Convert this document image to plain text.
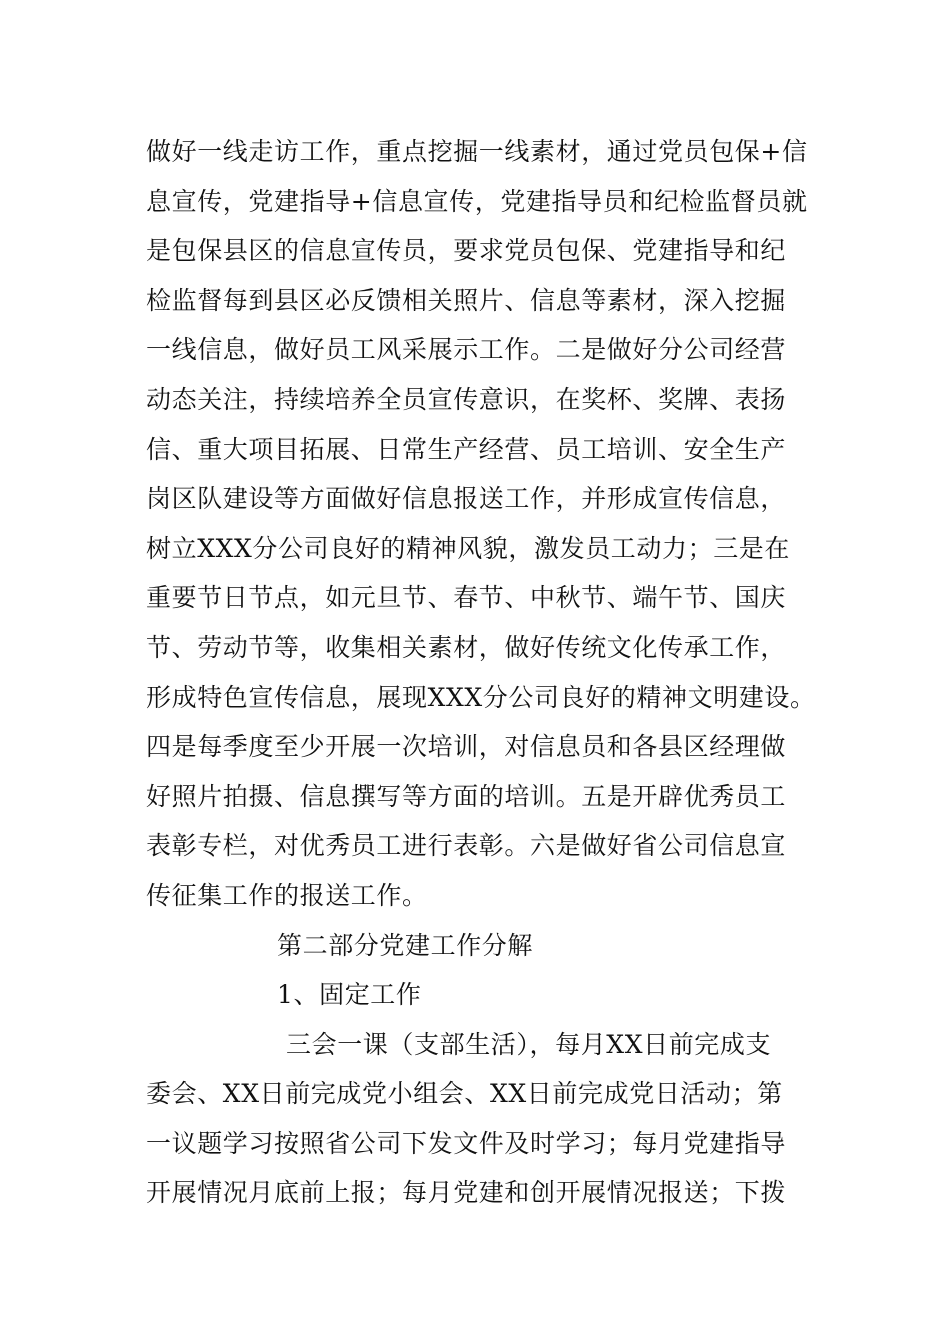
做好一线走访工作，重点挖掘一线素材，通过党员包保+信
息宣传，党建指导+信息宣传，党建指导员和纪检监督员就
是包保县区的信息宣传员，要求党员包保、党建指导和纪
检监督每到县区必反馈相关照片、信息等素材，深入挖掘
一线信息，做好员工风采展示工作。二是做好分公司经营
动态关注，持续培养全员宣传意识，在奖杯、奖牌、表扬
信、重大项目拓展、日常生产经营、员工培训、安全生产
岗区队建设等方面做好信息报送工作，并形成宣传信息，
树立XXX分公司良好的精神风貌，激发员工动力；三是在
重要节日节点，如元旦节、春节、中秋节、端午节、国庆
节、劳动节等，收集相关素材，做好传统文化传承工作，
形成特色宣传信息，展现XXX分公司良好的精神文明建设。
四是每季度至少开展一次培训，对信息员和各县区经理做
好照片拍摄、信息撰写等方面的培训。五是开辟优秀员工
表彰专栏，对优秀员工进行表彰。六是做好省公司信息宣
传征集工作的报送工作。
第二部分党建工作分解
1、固定工作
三会一课（支部生活），每月XX日前完成支
委会、XX日前完成党小组会、XX日前完成党日活动；第
一议题学习按照省公司下发文件及时学习；每月党建指导
开展情况月底前上报；每月党建和创开展情况报送；下拨
